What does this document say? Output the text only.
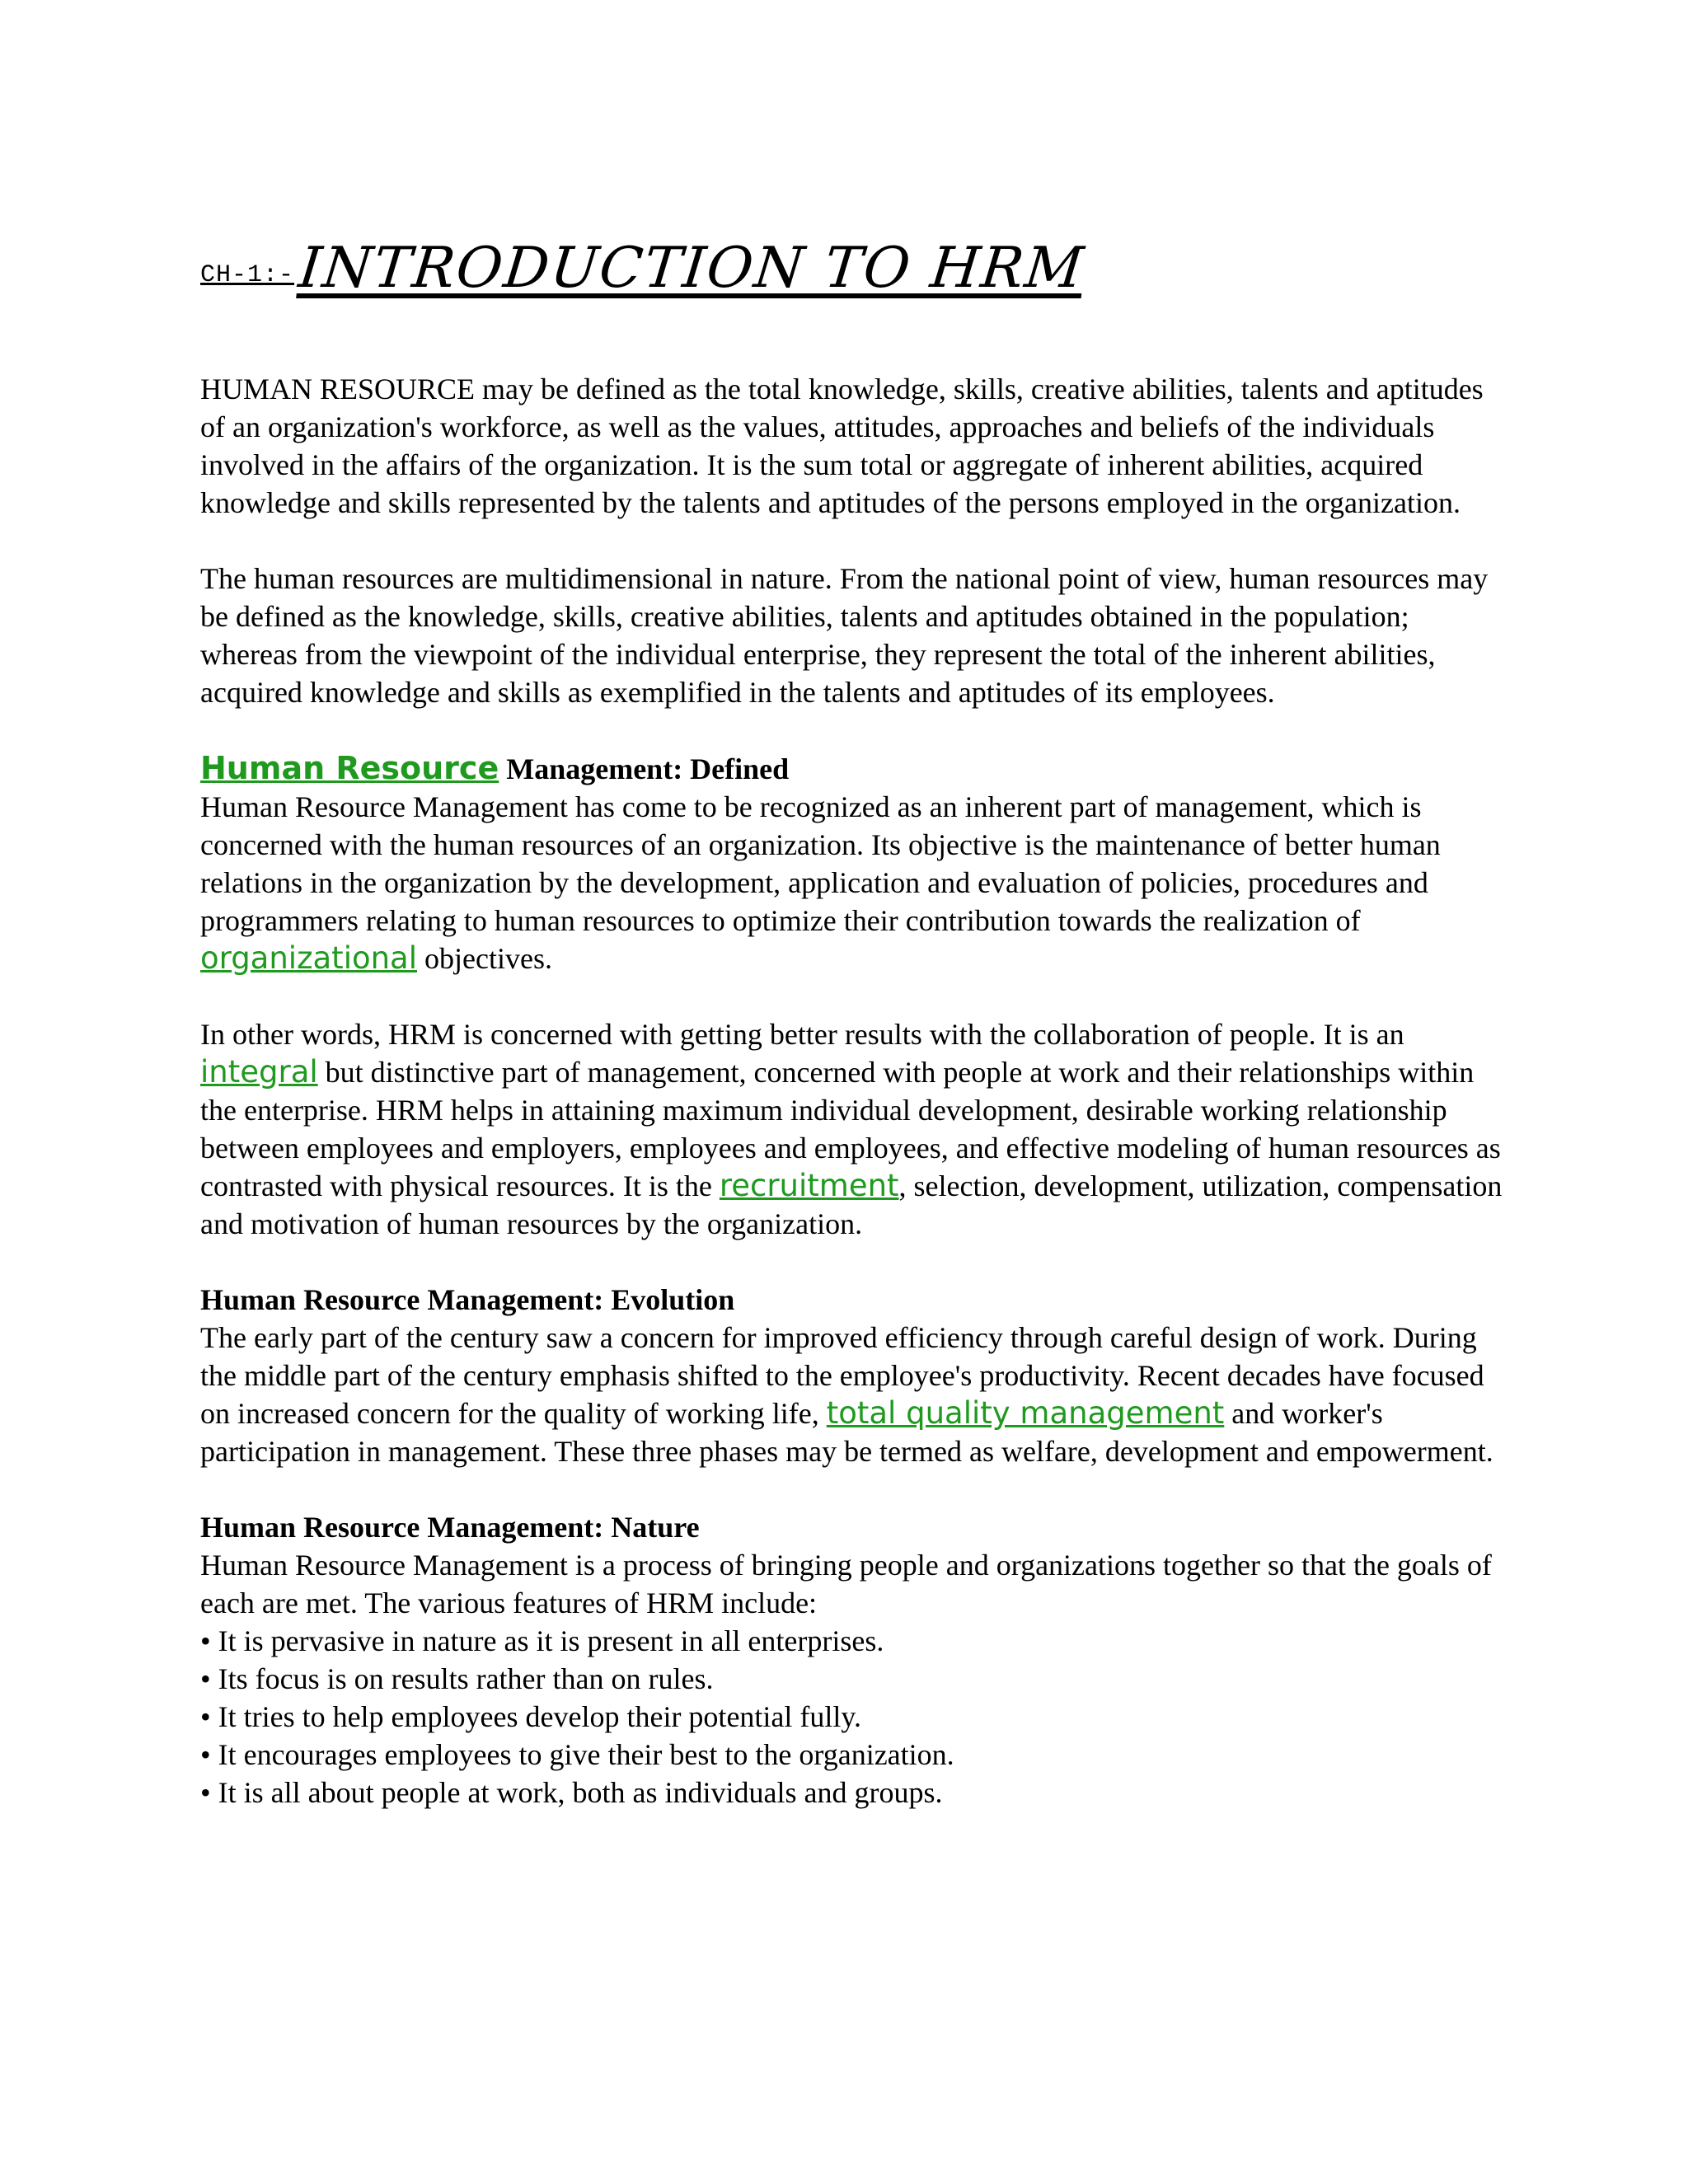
CH-1:- INTRODUCTION TO HRM

HUMAN RESOURCE may be defined as the total knowledge, skills, creative abilities, talents and aptitudes of an organization's workforce, as well as the values, attitudes, approaches and beliefs of the individuals involved in the affairs of the organization. It is the sum total or aggregate of inherent abilities, acquired knowledge and skills represented by the talents and aptitudes of the persons employed in the organization.

The human resources are multidimensional in nature. From the national point of view, human resources may be defined as the knowledge, skills, creative abilities, talents and aptitudes obtained in the population; whereas from the viewpoint of the individual enterprise, they represent the total of the inherent abilities, acquired knowledge and skills as exemplified in the talents and aptitudes of its employees.

Human Resource Management: Defined
Human Resource Management has come to be recognized as an inherent part of management, which is concerned with the human resources of an organization. Its objective is the maintenance of better human relations in the organization by the development, application and evaluation of policies, procedures and programmers relating to human resources to optimize their contribution towards the realization of organizational objectives.

In other words, HRM is concerned with getting better results with the collaboration of people. It is an integral but distinctive part of management, concerned with people at work and their relationships within the enterprise. HRM helps in attaining maximum individual development, desirable working relationship between employees and employers, employees and employees, and effective modeling of human resources as contrasted with physical resources. It is the recruitment, selection, development, utilization, compensation and motivation of human resources by the organization.

Human Resource Management: Evolution
The early part of the century saw a concern for improved efficiency through careful design of work. During the middle part of the century emphasis shifted to the employee's productivity. Recent decades have focused on increased concern for the quality of working life, total quality management and worker's participation in management. These three phases may be termed as welfare, development and empowerment.

Human Resource Management: Nature
Human Resource Management is a process of bringing people and organizations together so that the goals of each are met. The various features of HRM include:
• It is pervasive in nature as it is present in all enterprises.
• Its focus is on results rather than on rules.
• It tries to help employees develop their potential fully.
• It encourages employees to give their best to the organization.
• It is all about people at work, both as individuals and groups.
